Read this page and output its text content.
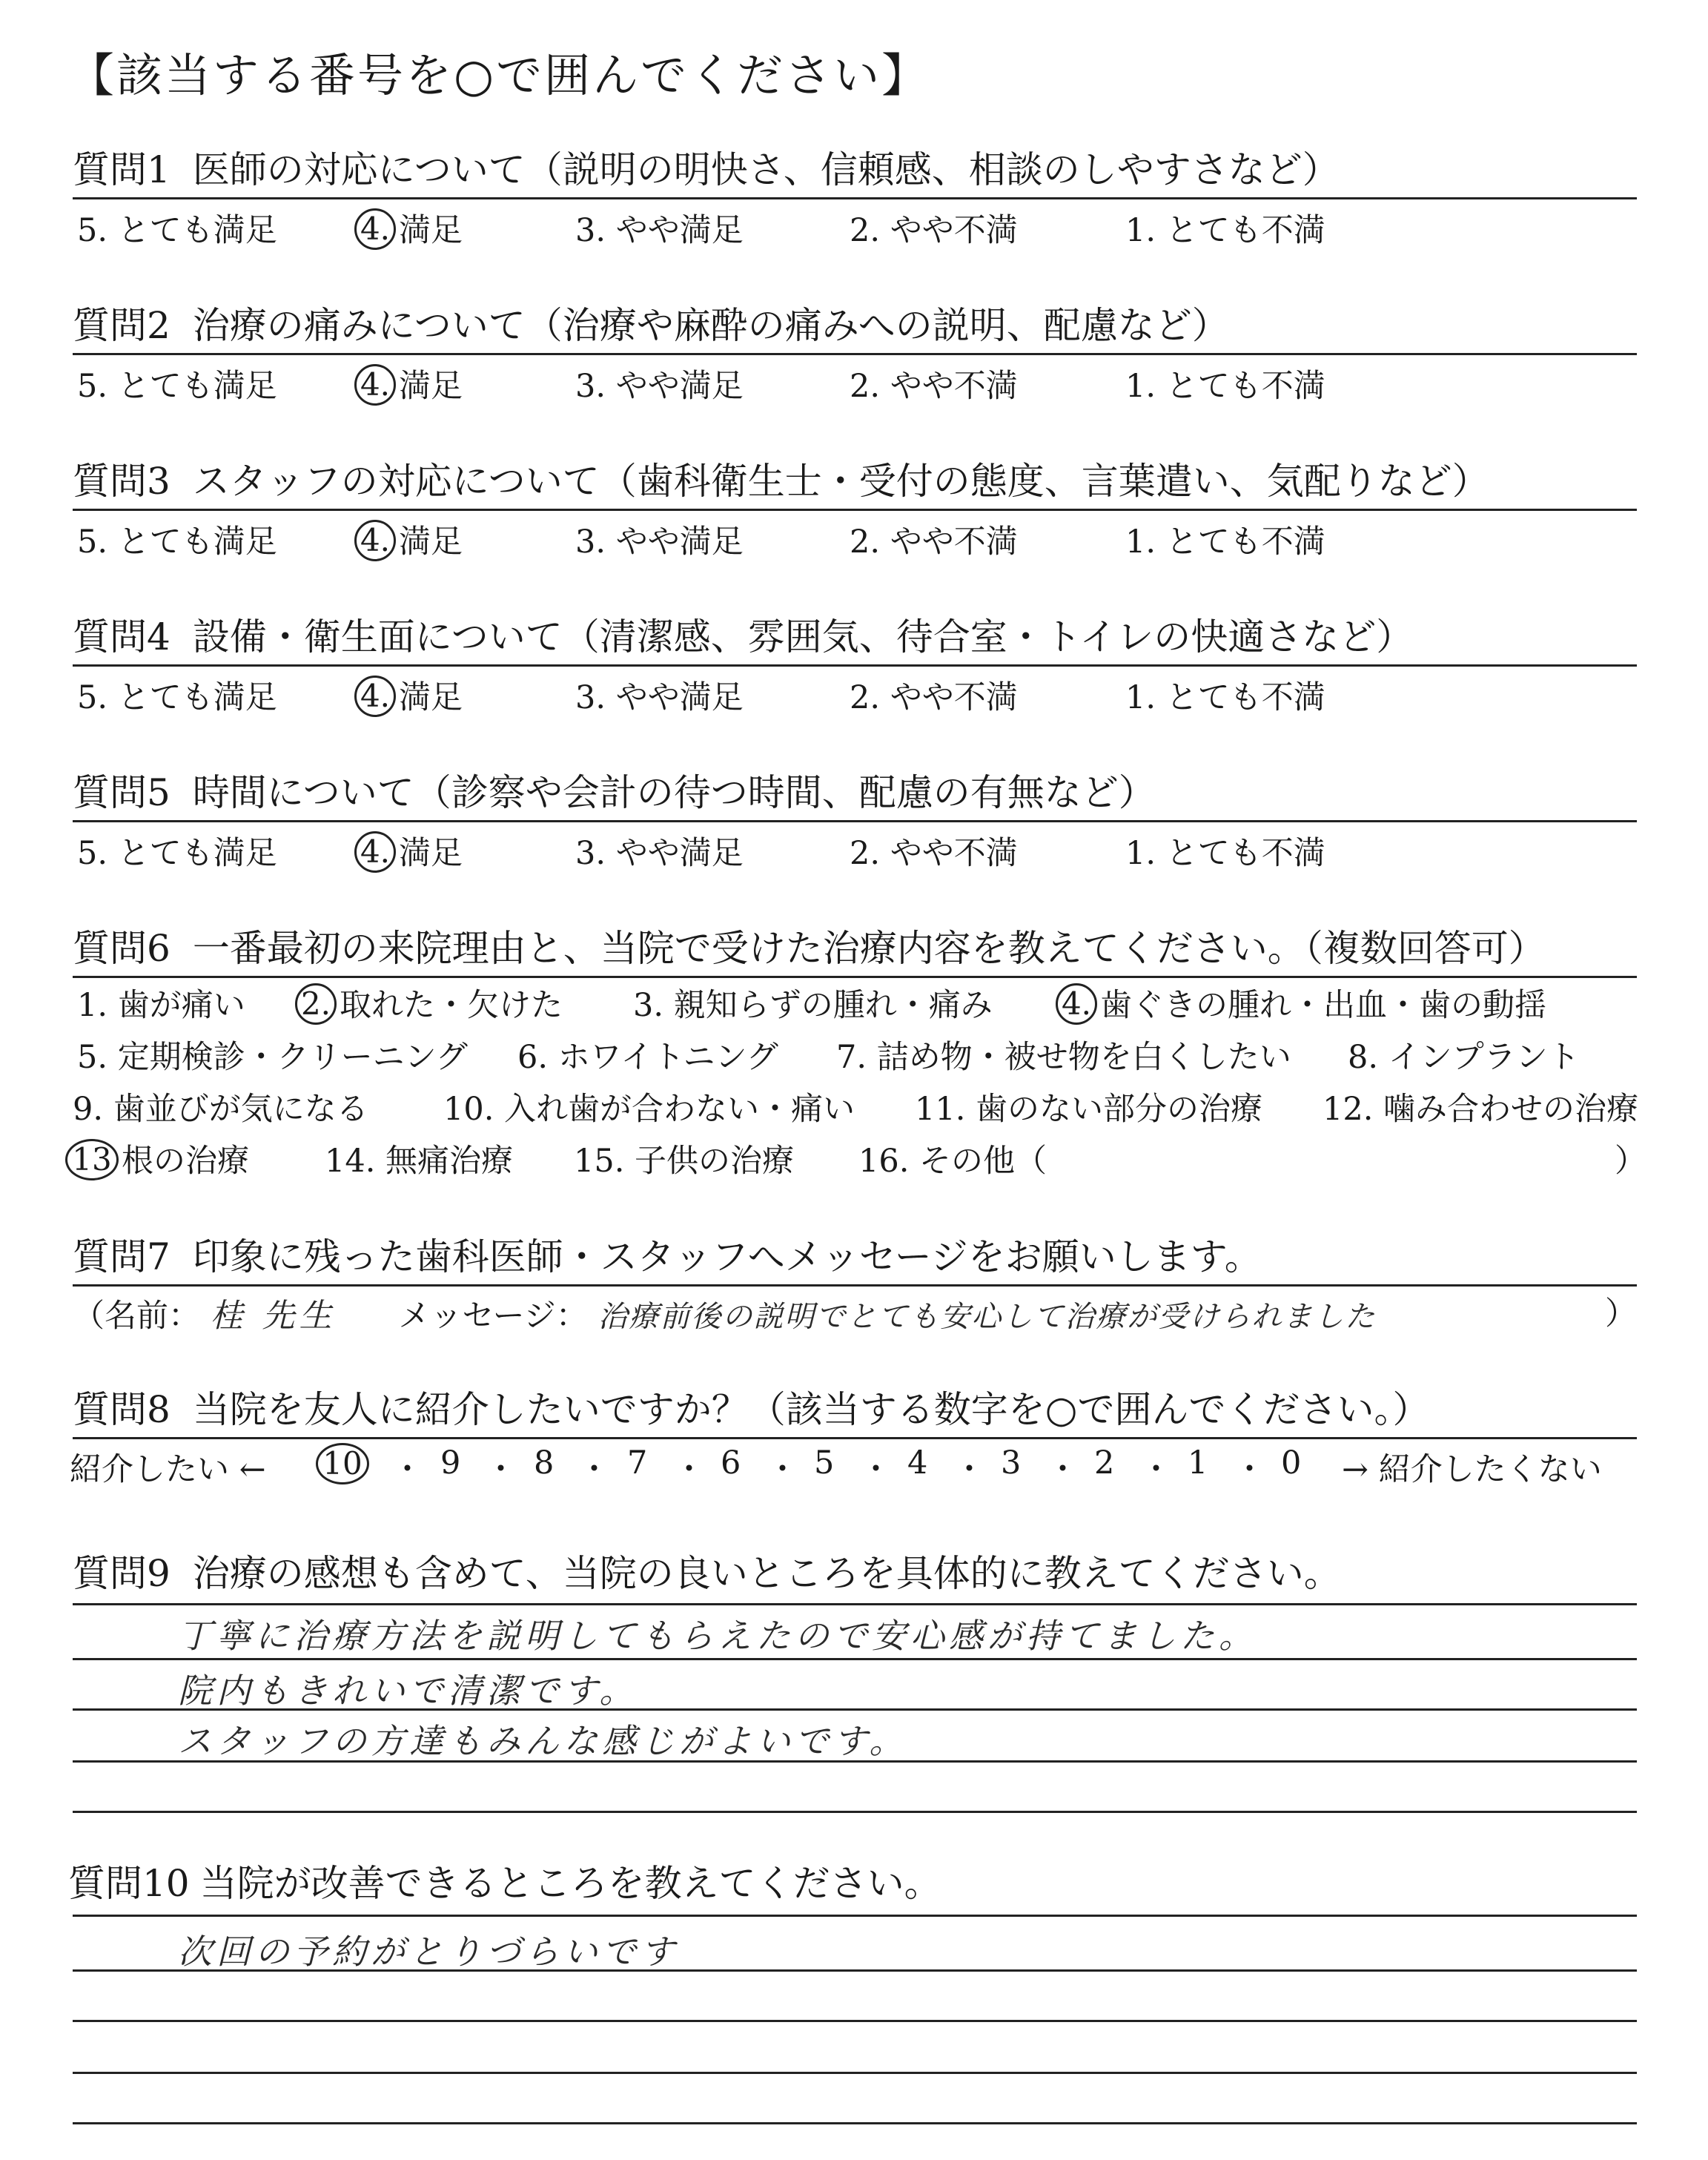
【該当する番号を○で囲んでください】
質問1 医師の対応について（説明の明快さ、信頼感、相談のしやすさなど）
5. とても満足	4. 満足	3. やや満足	2. やや不満	1. とても不満
質問2 治療の痛みについて（治療や麻酔の痛みへの説明、配慮など）
5. とても満足	4. 満足	3. やや満足	2. やや不満	1. とても不満
質問3 スタッフの対応について（歯科衛生士・受付の態度、言葉遣い、気配りなど）
5. とても満足	4. 満足	3. やや満足	2. やや不満	1. とても不満
質問4 設備・衛生面について（清潔感、雰囲気、待合室・トイレの快適さなど）
5. とても満足	4. 満足	3. やや満足	2. やや不満	1. とても不満
質問5 時間について（診察や会計の待つ時間、配慮の有無など）
5. とても満足	4. 満足	3. やや満足	2. やや不満	1. とても不満
質問6 一番最初の来院理由と、当院で受けた治療内容を教えてください。（複数回答可）
1. 歯が痛い 2. 取れた・欠けた 3. 親知らずの腫れ・痛み 4. 歯ぐきの腫れ・出血・歯の動揺
5. 定期検診・クリーニング 6. ホワイトニング 7. 詰め物・被せ物を白くしたい 8. インプラント
9. 歯並びが気になる 10. 入れ歯が合わない・痛い 11. 歯のない部分の治療 12. 噛み合わせの治療
13 根の治療 14. 無痛治療 15. 子供の治療 16. その他（	）
質問7 印象に残った歯科医師・スタッフへメッセージをお願いします。
（名前： 桂 先生 メッセージ： 治療前後の説明でとても安心して治療が受けられました	）
質問8 当院を友人に紹介したいですか？（該当する数字を○で囲んでください。）
紹介したい ← 10 ・ 9 ・ 8 ・ 7 ・ 6 ・ 5 ・ 4 ・ 3 ・ 2 ・ 1 ・ 0 → 紹介したくない
質問9 治療の感想も含めて、当院の良いところを具体的に教えてください。
丁寧に治療方法を説明してもらえたので安心感が持てました。
院内もきれいで清潔です。
スタッフの方達もみんな感じがよいです。
質問10 当院が改善できるところを教えてください。
次回の予約がとりづらいです
